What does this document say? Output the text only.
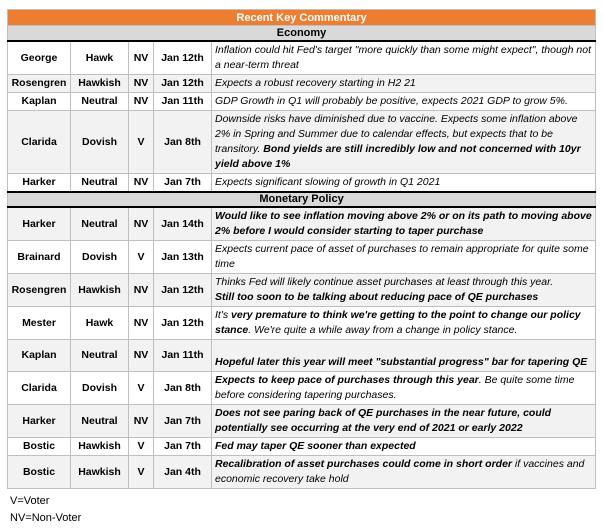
Recent Key Commentary				
Economy				
George	Hawk	NV	Jan 12th	Inflation could hit Fed's target "more quickly than some might expect", though not a near-term threat
Rosengren	Hawkish	NV	Jan 12th	Expects a robust recovery starting in H2 21
Kaplan	Neutral	NV	Jan 11th	GDP Growth in Q1 will probably be positive, expects 2021 GDP to grow 5%.
Clarida	Dovish	V	Jan 8th	Downside risks have diminished due to vaccine. Expects some inflation above 2% in Spring and Summer due to calendar effects, but expects that to be transitory. Bond yields are still incredibly low and not concerned with 10yr yield above 1%
Harker	Neutral	NV	Jan 7th	Expects significant slowing of growth in Q1 2021
Monetary Policy				
Harker	Neutral	NV	Jan 14th	Would like to see inflation moving above 2% or on its path to moving above 2% before I would consider starting to taper purchase
Brainard	Dovish	V	Jan 13th	Expects current pace of asset of purchases to remain appropriate for quite some time
Rosengren	Hawkish	NV	Jan 12th	Thinks Fed will likely continue asset purchases at least through this year.
Still too soon to be talking about reducing pace of QE purchases
Mester	Hawk	NV	Jan 12th	It's very premature to think we're getting to the point to change our policy stance. We're quite a while away from a change in policy stance.
Kaplan	Neutral	NV	Jan 11th	Hopeful later this year will meet "substantial progress" bar for tapering QE
Clarida	Dovish	V	Jan 8th	Expects to keep pace of purchases through this year. Be quite some time before considering tapering purchases.
Harker	Neutral	NV	Jan 7th	Does not see paring back of QE purchases in the near future, could potentially see occurring at the very end of 2021 or early 2022
Bostic	Hawkish	V	Jan 7th	Fed may taper QE sooner than expected
Bostic	Hawkish	V	Jan 4th	Recalibration of asset purchases could come in short order if vaccines and economic recovery take hold
V=Voter
NV=Non-Voter
